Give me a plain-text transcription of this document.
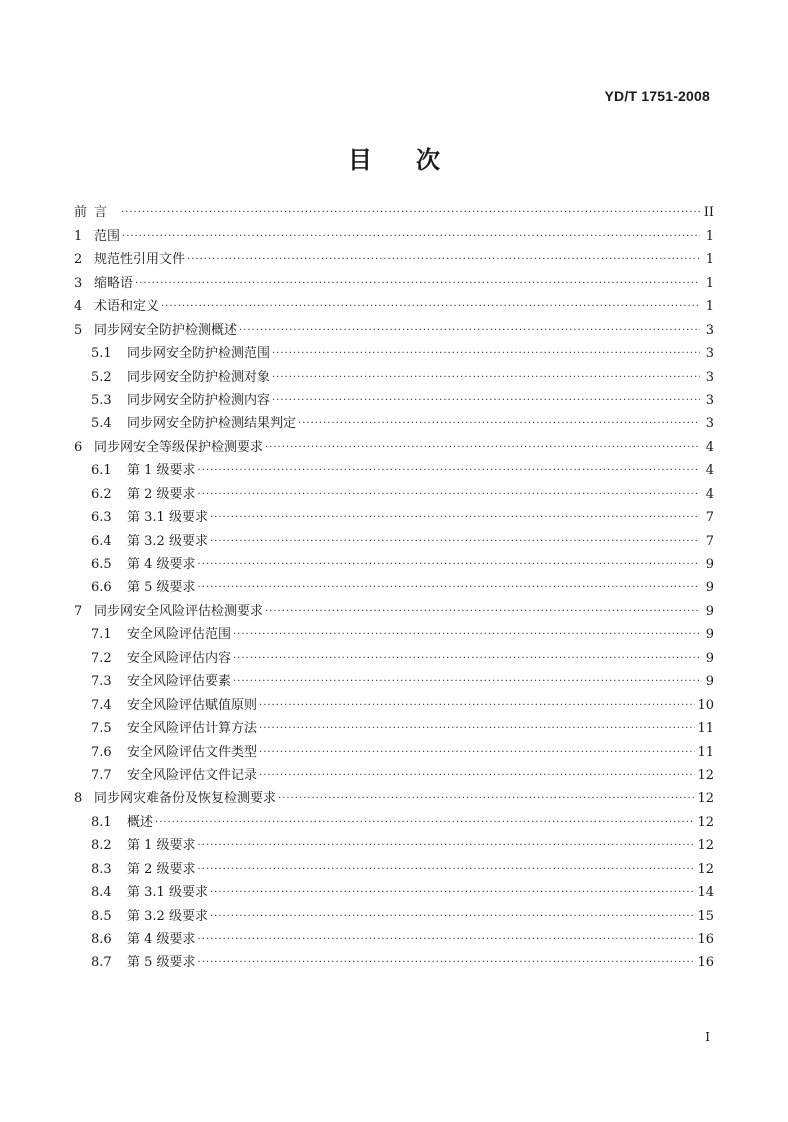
YD/T 1751-2008
目次
前 言 ·····	II
1 范围 ·····	1
2 规范性引用文件 ·····	1
3 缩略语 ·····	1
4 术语和定义 ·····	1
5 同步网安全防护检测概述 ·····	3
5.1	同步网安全防护检测范围 ·····	3
5.2	同步网安全防护检测对象 ·····	3
5.3	同步网安全防护检测内容 ·····	3
5.4	同步网安全防护检测结果判定 ·····	3
6 同步网安全等级保护检测要求 ·····	4
6.1	第 1 级要求 ·····	4
6.2	第 2 级要求 ·····	4
6.3	第 3.1 级要求 ·····	7
6.4	第 3.2 级要求 ·····	7
6.5	第 4 级要求 ·····	9
6.6	第 5 级要求 ·····	9
7 同步网安全风险评估检测要求 ·····	9
7.1	安全风险评估范围 ·····	9
7.2	安全风险评估内容 ·····	9
7.3	安全风险评估要素 ·····	9
7.4	安全风险评估赋值原则 ·····	10
7.5	安全风险评估计算方法 ·····	11
7.6	安全风险评估文件类型 ·····	11
7.7	安全风险评估文件记录 ·····	12
8 同步网灾难备份及恢复检测要求 ·····	12
8.1	概述 ·····	12
8.2	第 1 级要求 ·····	12
8.3	第 2 级要求 ·····	12
8.4	第 3.1 级要求 ·····	14
8.5	第 3.2 级要求 ·····	15
8.6	第 4 级要求 ·····	16
8.7	第 5 级要求 ·····	16
I
